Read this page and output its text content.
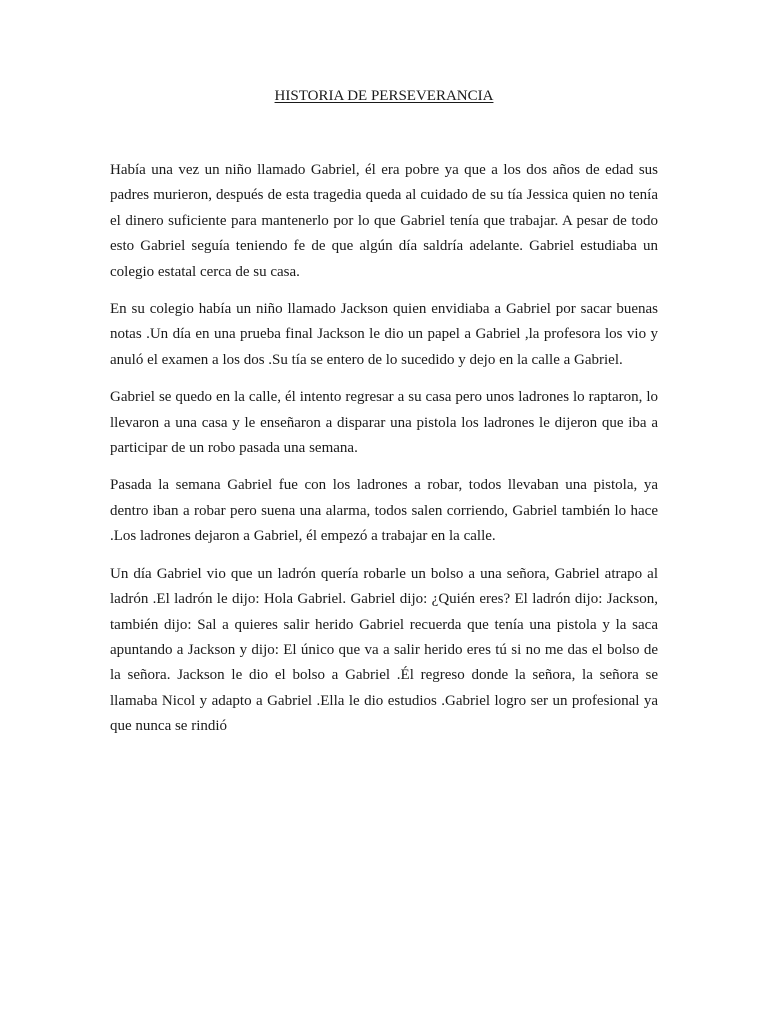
HISTORIA DE PERSEVERANCIA

Había una vez un niño llamado Gabriel, él era pobre ya que a los dos años de edad sus padres murieron, después de esta tragedia queda al cuidado de su tía Jessica quien no tenía el dinero suficiente para mantenerlo por lo que Gabriel tenía que trabajar. A pesar de todo esto Gabriel seguía teniendo fe de que algún día saldría adelante. Gabriel estudiaba un colegio estatal cerca de su casa.

En su colegio había un niño llamado Jackson quien envidiaba a Gabriel por sacar buenas notas .Un día en una prueba final Jackson le dio un papel a Gabriel ,la profesora los vio y anuló el examen a los dos .Su tía se entero de lo sucedido y dejo en la calle a Gabriel.

Gabriel se quedo en la calle, él intento regresar a su casa pero unos ladrones lo raptaron, lo llevaron a una casa y le enseñaron a disparar una pistola los ladrones le dijeron que iba a participar de un robo pasada una semana.

Pasada la semana Gabriel fue con los ladrones a robar, todos llevaban una pistola, ya dentro iban a robar pero suena una alarma, todos salen corriendo, Gabriel también lo hace .Los ladrones dejaron a Gabriel, él empezó a trabajar en la calle.

Un día Gabriel vio que un ladrón quería robarle un bolso a una señora, Gabriel atrapo al ladrón .El ladrón le dijo: Hola Gabriel. Gabriel dijo: ¿Quién eres? El ladrón dijo: Jackson, también dijo: Sal a quieres salir herido Gabriel recuerda que tenía una pistola y la saca apuntando a Jackson y dijo: El único que va a salir herido eres tú si no me das el bolso de la señora. Jackson le dio el bolso a Gabriel .Él regreso donde la señora, la señora se llamaba Nicol y adapto a Gabriel .Ella le dio estudios .Gabriel logro ser un profesional ya que nunca se rindió
